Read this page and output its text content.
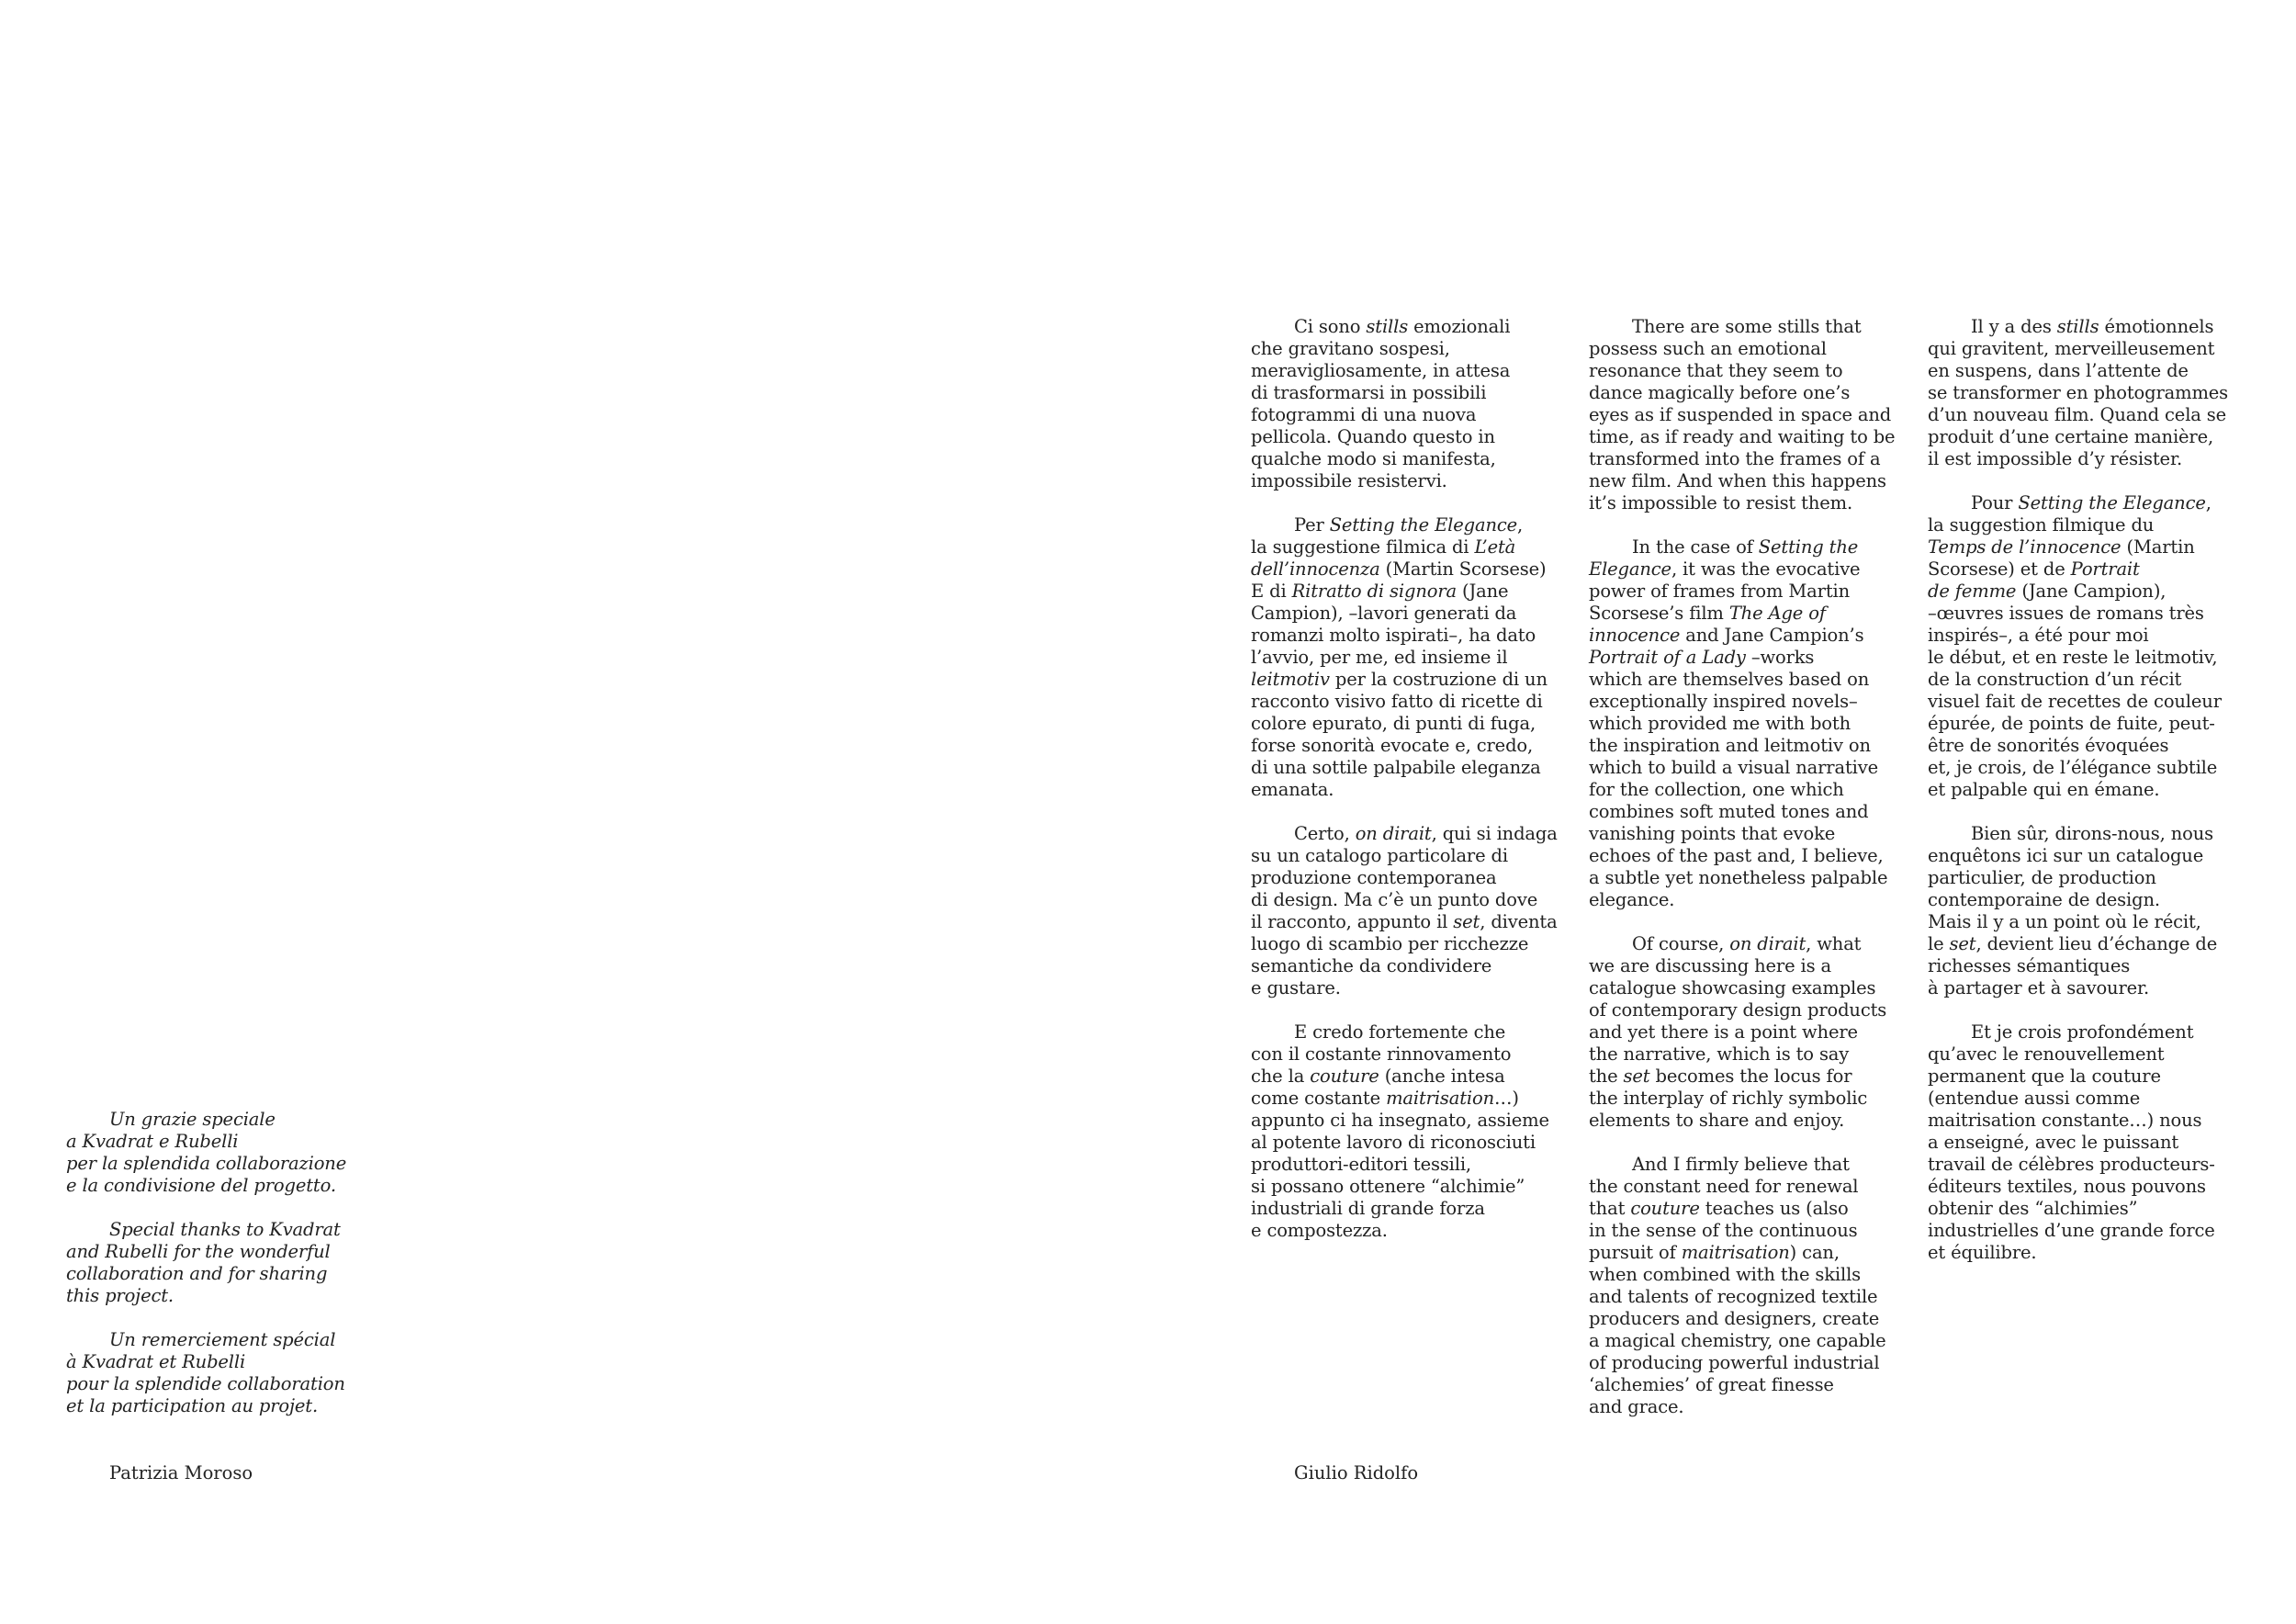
Un grazie speciale
a Kvadrat e Rubelli
per la splendida collaborazione
e la condivisione del progetto.

Special thanks to Kvadrat
and Rubelli for the wonderful
collaboration and for sharing
this project.

Un remerciement spécial
à Kvadrat et Rubelli
pour la splendide collaboration
et la participation au projet.

Patrizia Moroso

Ci sono stills emozionali
che gravitano sospesi,
meravigliosamente, in attesa
di trasformarsi in possibili
fotogrammi di una nuova
pellicola. Quando questo in
qualche modo si manifesta,
impossibile resistervi.

Per Setting the Elegance,
la suggestione filmica di L’età
dell’innocenza (Martin Scorsese)
E di Ritratto di signora (Jane
Campion), –lavori generati da
romanzi molto ispirati–, ha dato
l’avvio, per me, ed insieme il
leitmotiv per la costruzione di un
racconto visivo fatto di ricette di
colore epurato, di punti di fuga,
forse sonorità evocate e, credo,
di una sottile palpabile eleganza
emanata.

Certo, on dirait, qui si indaga
su un catalogo particolare di
produzione contemporanea
di design. Ma c’è un punto dove
il racconto, appunto il set, diventa
luogo di scambio per ricchezze
semantiche da condividere
e gustare.

E credo fortemente che
con il costante rinnovamento
che la couture (anche intesa
come costante maitrisation…)
appunto ci ha insegnato, assieme
al potente lavoro di riconosciuti
produttori-editori tessili,
si possano ottenere “alchimie”
industriali di grande forza
e compostezza.

There are some stills that
possess such an emotional
resonance that they seem to
dance magically before one’s
eyes as if suspended in space and
time, as if ready and waiting to be
transformed into the frames of a
new film. And when this happens
it’s impossible to resist them.

In the case of Setting the
Elegance, it was the evocative
power of frames from Martin
Scorsese’s film The Age of
innocence and Jane Campion’s
Portrait of a Lady –works
which are themselves based on
exceptionally inspired novels–
which provided me with both
the inspiration and leitmotiv on
which to build a visual narrative
for the collection, one which
combines soft muted tones and
vanishing points that evoke
echoes of the past and, I believe,
a subtle yet nonetheless palpable
elegance.

Of course, on dirait, what
we are discussing here is a
catalogue showcasing examples
of contemporary design products
and yet there is a point where
the narrative, which is to say
the set becomes the locus for
the interplay of richly symbolic
elements to share and enjoy.

And I firmly believe that
the constant need for renewal
that couture teaches us (also
in the sense of the continuous
pursuit of maitrisation) can,
when combined with the skills
and talents of recognized textile
producers and designers, create
a magical chemistry, one capable
of producing powerful industrial
‘alchemies’ of great finesse
and grace.

Il y a des stills émotionnels
qui gravitent, merveilleusement
en suspens, dans l’attente de
se transformer en photogrammes
d’un nouveau film. Quand cela se
produit d’une certaine manière,
il est impossible d’y résister.

Pour Setting the Elegance,
la suggestion filmique du
Temps de l’innocence (Martin
Scorsese) et de Portrait
de femme (Jane Campion),
–œuvres issues de romans très
inspirés–, a été pour moi
le début, et en reste le leitmotiv,
de la construction d’un récit
visuel fait de recettes de couleur
épurée, de points de fuite, peut-
être de sonorités évoquées
et, je crois, de l’élégance subtile
et palpable qui en émane.

Bien sûr, dirons-nous, nous
enquêtons ici sur un catalogue
particulier, de production
contemporaine de design.
Mais il y a un point où le récit,
le set, devient lieu d’échange de
richesses sémantiques
à partager et à savourer.

Et je crois profondément
qu’avec le renouvellement
permanent que la couture
(entendue aussi comme
maitrisation constante…) nous
a enseigné, avec le puissant
travail de célèbres producteurs-
éditeurs textiles, nous pouvons
obtenir des “alchimies”
industrielles d’une grande force
et équilibre.

Giulio Ridolfo
